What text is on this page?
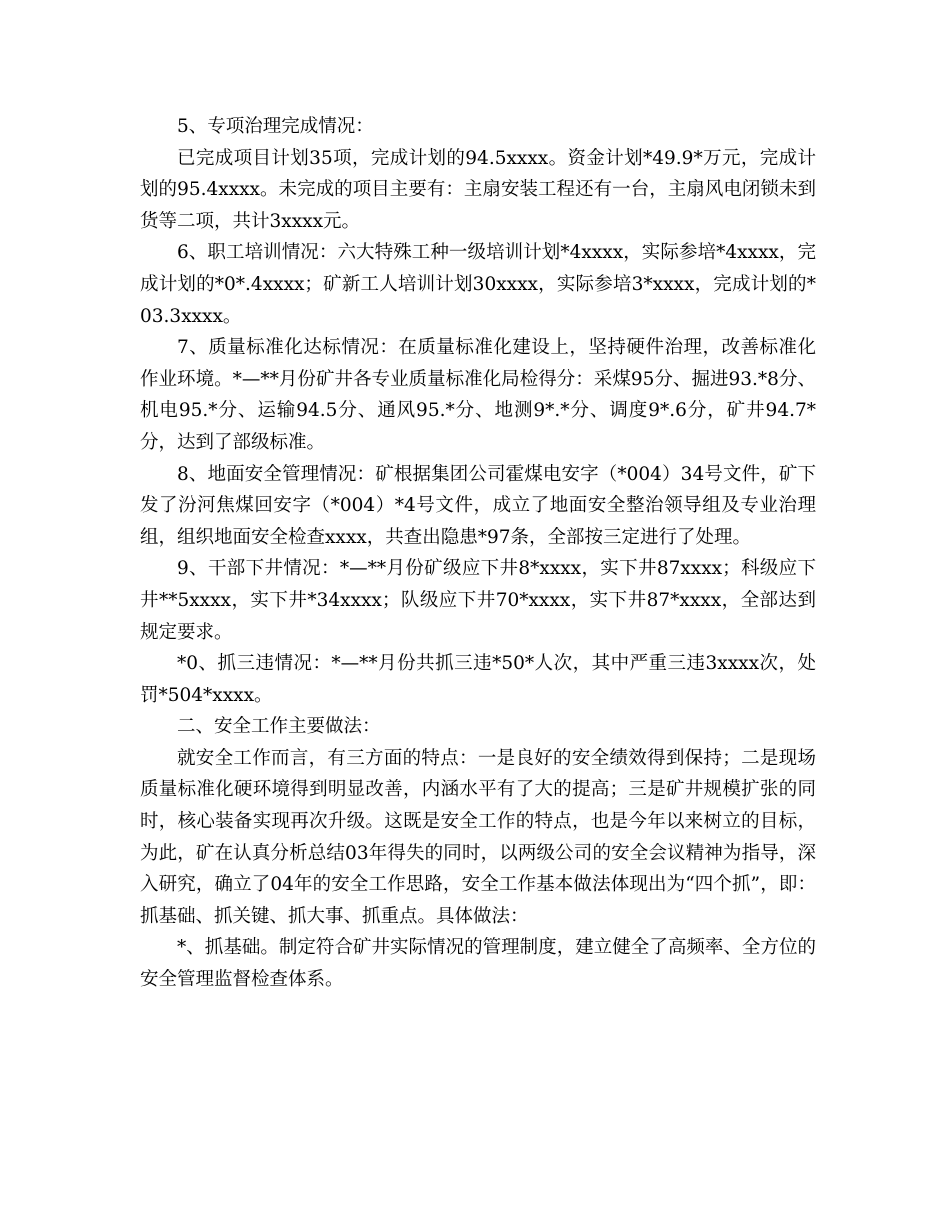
5、专项治理完成情况：

已完成项目计划35项，完成计划的94.5xxxx。资金计划*49.9*万元，完成计划的95.4xxxx。未完成的项目主要有：主扇安装工程还有一台，主扇风电闭锁未到货等二项，共计3xxxx元。

6、职工培训情况：六大特殊工种一级培训计划*4xxxx，实际参培*4xxxx，完成计划的*0*.4xxxx；矿新工人培训计划30xxxx，实际参培3*xxxx，完成计划的*03.3xxxx。

7、质量标准化达标情况：在质量标准化建设上，坚持硬件治理，改善标准化作业环境。*—**月份矿井各专业质量标准化局检得分：采煤95分、掘进93.*8分、机电95.*分、运输94.5分、通风95.*分、地测9*.*分、调度9*.6分，矿井94.7*分，达到了部级标准。

8、地面安全管理情况：矿根据集团公司霍煤电安字（*004）34号文件，矿下发了汾河焦煤回安字（*004）*4号文件，成立了地面安全整治领导组及专业治理组，组织地面安全检查xxxx，共查出隐患*97条，全部按三定进行了处理。

9、干部下井情况：*—**月份矿级应下井8*xxxx，实下井87xxxx；科级应下井**5xxxx，实下井*34xxxx；队级应下井70*xxxx，实下井87*xxxx，全部达到规定要求。

*0、抓三违情况：*—**月份共抓三违*50*人次，其中严重三违3xxxx次，处罚*504*xxxx。

二、安全工作主要做法：

就安全工作而言，有三方面的特点：一是良好的安全绩效得到保持；二是现场质量标准化硬环境得到明显改善，内涵水平有了大的提高；三是矿井规模扩张的同时，核心装备实现再次升级。这既是安全工作的特点，也是今年以来树立的目标，为此，矿在认真分析总结03年得失的同时，以两级公司的安全会议精神为指导，深入研究，确立了04年的安全工作思路，安全工作基本做法体现出为“四个抓”，即：抓基础、抓关键、抓大事、抓重点。具体做法：

*、抓基础。制定符合矿井实际情况的管理制度，建立健全了高频率、全方位的安全管理监督检查体系。
